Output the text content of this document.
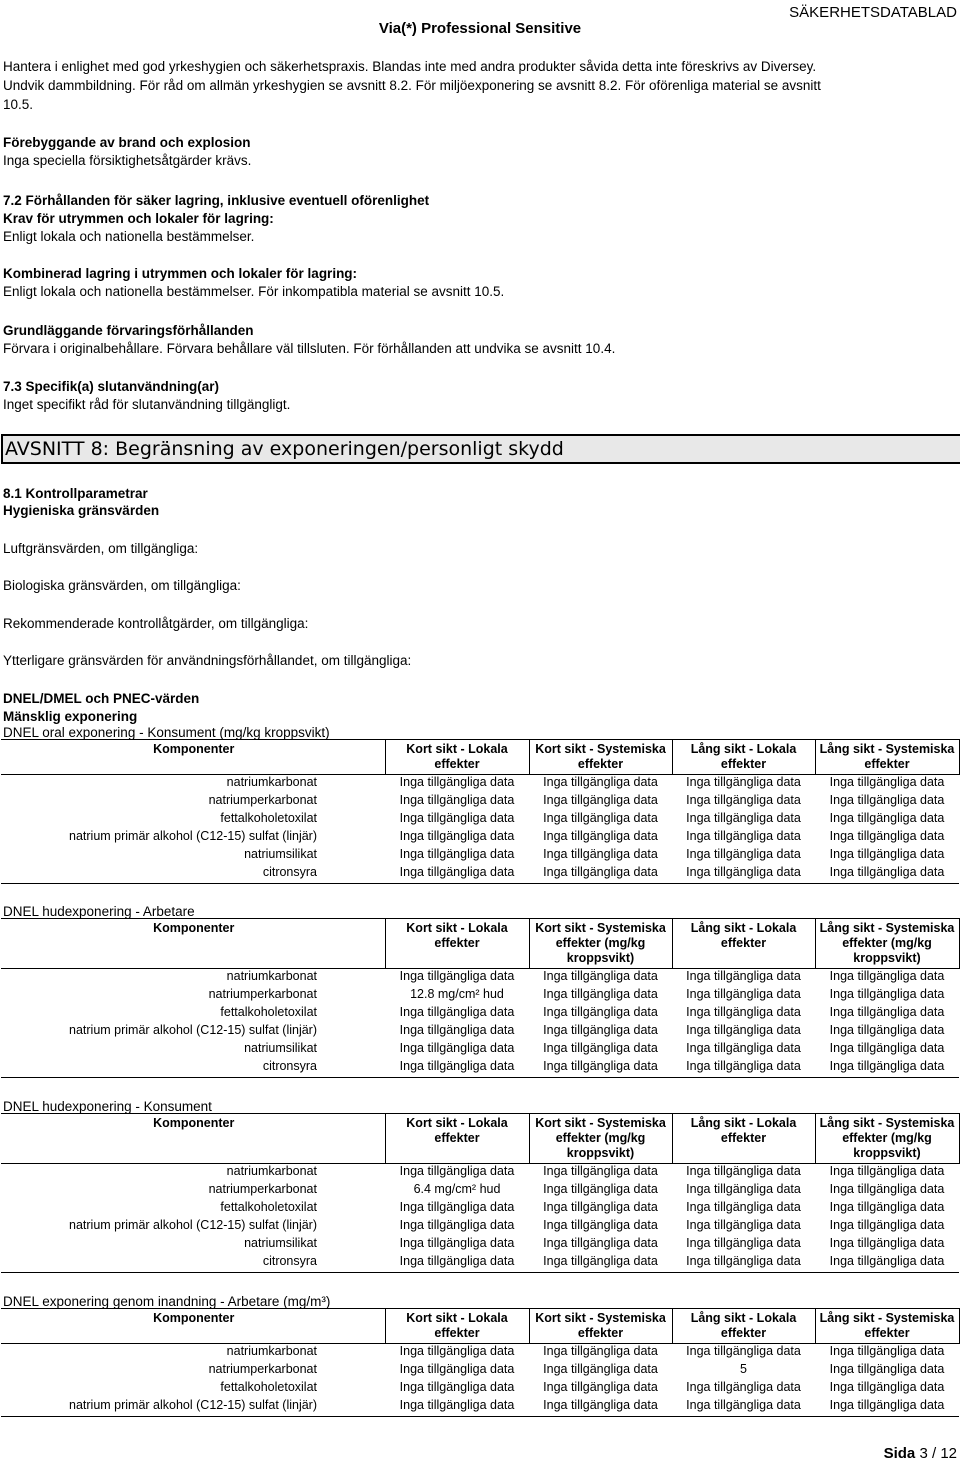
Via(*) Professional Sensitive
SÄKERHETSDATABLAD
Hantera i enlighet med god yrkeshygien och säkerhetspraxis. Blandas inte med andra produkter såvida detta inte föreskrivs av Diversey.
Undvik dammbildning. För råd om allmän yrkeshygien se avsnitt 8.2. För miljöexponering se avsnitt 8.2. För oförenliga material se avsnitt
10.5.
Förebyggande av brand och explosion
Inga speciella försiktighetsåtgärder krävs.
7.2 Förhållanden för säker lagring, inklusive eventuell oförenlighet
Krav för utrymmen och lokaler för lagring:
Enligt lokala och nationella bestämmelser.
Kombinerad lagring i utrymmen och lokaler för lagring:
Enligt lokala och nationella bestämmelser. För inkompatibla material se avsnitt 10.5.
Grundläggande förvaringsförhållanden
Förvara i originalbehållare. Förvara behållare väl tillsluten. För förhållanden att undvika se avsnitt 10.4.
7.3 Specifik(a) slutanvändning(ar)
Inget specifikt råd för slutanvändning tillgängligt.
AVSNITT 8: Begränsning av exponeringen/personligt skydd
8.1 Kontrollparametrar
Hygieniska gränsvärden
Luftgränsvärden, om tillgängliga:
Biologiska gränsvärden, om tillgängliga:
Rekommenderade kontrollåtgärder, om tillgängliga:
Ytterligare gränsvärden för användningsförhållandet, om tillgängliga:
DNEL/DMEL och PNEC-värden
Mänsklig exponering
DNEL oral exponering - Konsument (mg/kg kroppsvikt)
Komponenter	Kort sikt - Lokala effekter	Kort sikt - Systemiska effekter	Lång sikt - Lokala effekter	Lång sikt - Systemiska effekter
natriumkarbonat	Inga tillgängliga data	Inga tillgängliga data	Inga tillgängliga data	Inga tillgängliga data
natriumperkarbonat	Inga tillgängliga data	Inga tillgängliga data	Inga tillgängliga data	Inga tillgängliga data
fettalkoholetoxilat	Inga tillgängliga data	Inga tillgängliga data	Inga tillgängliga data	Inga tillgängliga data
natrium primär alkohol (C12-15) sulfat (linjär)	Inga tillgängliga data	Inga tillgängliga data	Inga tillgängliga data	Inga tillgängliga data
natriumsilikat	Inga tillgängliga data	Inga tillgängliga data	Inga tillgängliga data	Inga tillgängliga data
citronsyra	Inga tillgängliga data	Inga tillgängliga data	Inga tillgängliga data	Inga tillgängliga data
DNEL hudexponering - Arbetare
Komponenter	Kort sikt - Lokala effekter	Kort sikt - Systemiska effekter (mg/kg kroppsvikt)	Lång sikt - Lokala effekter	Lång sikt - Systemiska effekter (mg/kg kroppsvikt)
natriumkarbonat	Inga tillgängliga data	Inga tillgängliga data	Inga tillgängliga data	Inga tillgängliga data
natriumperkarbonat	12.8 mg/cm² hud	Inga tillgängliga data	Inga tillgängliga data	Inga tillgängliga data
fettalkoholetoxilat	Inga tillgängliga data	Inga tillgängliga data	Inga tillgängliga data	Inga tillgängliga data
natrium primär alkohol (C12-15) sulfat (linjär)	Inga tillgängliga data	Inga tillgängliga data	Inga tillgängliga data	Inga tillgängliga data
natriumsilikat	Inga tillgängliga data	Inga tillgängliga data	Inga tillgängliga data	Inga tillgängliga data
citronsyra	Inga tillgängliga data	Inga tillgängliga data	Inga tillgängliga data	Inga tillgängliga data
DNEL hudexponering - Konsument
Komponenter	Kort sikt - Lokala effekter	Kort sikt - Systemiska effekter (mg/kg kroppsvikt)	Lång sikt - Lokala effekter	Lång sikt - Systemiska effekter (mg/kg kroppsvikt)
natriumkarbonat	Inga tillgängliga data	Inga tillgängliga data	Inga tillgängliga data	Inga tillgängliga data
natriumperkarbonat	6.4 mg/cm² hud	Inga tillgängliga data	Inga tillgängliga data	Inga tillgängliga data
fettalkoholetoxilat	Inga tillgängliga data	Inga tillgängliga data	Inga tillgängliga data	Inga tillgängliga data
natrium primär alkohol (C12-15) sulfat (linjär)	Inga tillgängliga data	Inga tillgängliga data	Inga tillgängliga data	Inga tillgängliga data
natriumsilikat	Inga tillgängliga data	Inga tillgängliga data	Inga tillgängliga data	Inga tillgängliga data
citronsyra	Inga tillgängliga data	Inga tillgängliga data	Inga tillgängliga data	Inga tillgängliga data
DNEL exponering genom inandning - Arbetare (mg/m³)
Komponenter	Kort sikt - Lokala effekter	Kort sikt - Systemiska effekter	Lång sikt - Lokala effekter	Lång sikt - Systemiska effekter
natriumkarbonat	Inga tillgängliga data	Inga tillgängliga data	Inga tillgängliga data	Inga tillgängliga data
natriumperkarbonat	Inga tillgängliga data	Inga tillgängliga data	5	Inga tillgängliga data
fettalkoholetoxilat	Inga tillgängliga data	Inga tillgängliga data	Inga tillgängliga data	Inga tillgängliga data
natrium primär alkohol (C12-15) sulfat (linjär)	Inga tillgängliga data	Inga tillgängliga data	Inga tillgängliga data	Inga tillgängliga data
Sida 3 / 12
